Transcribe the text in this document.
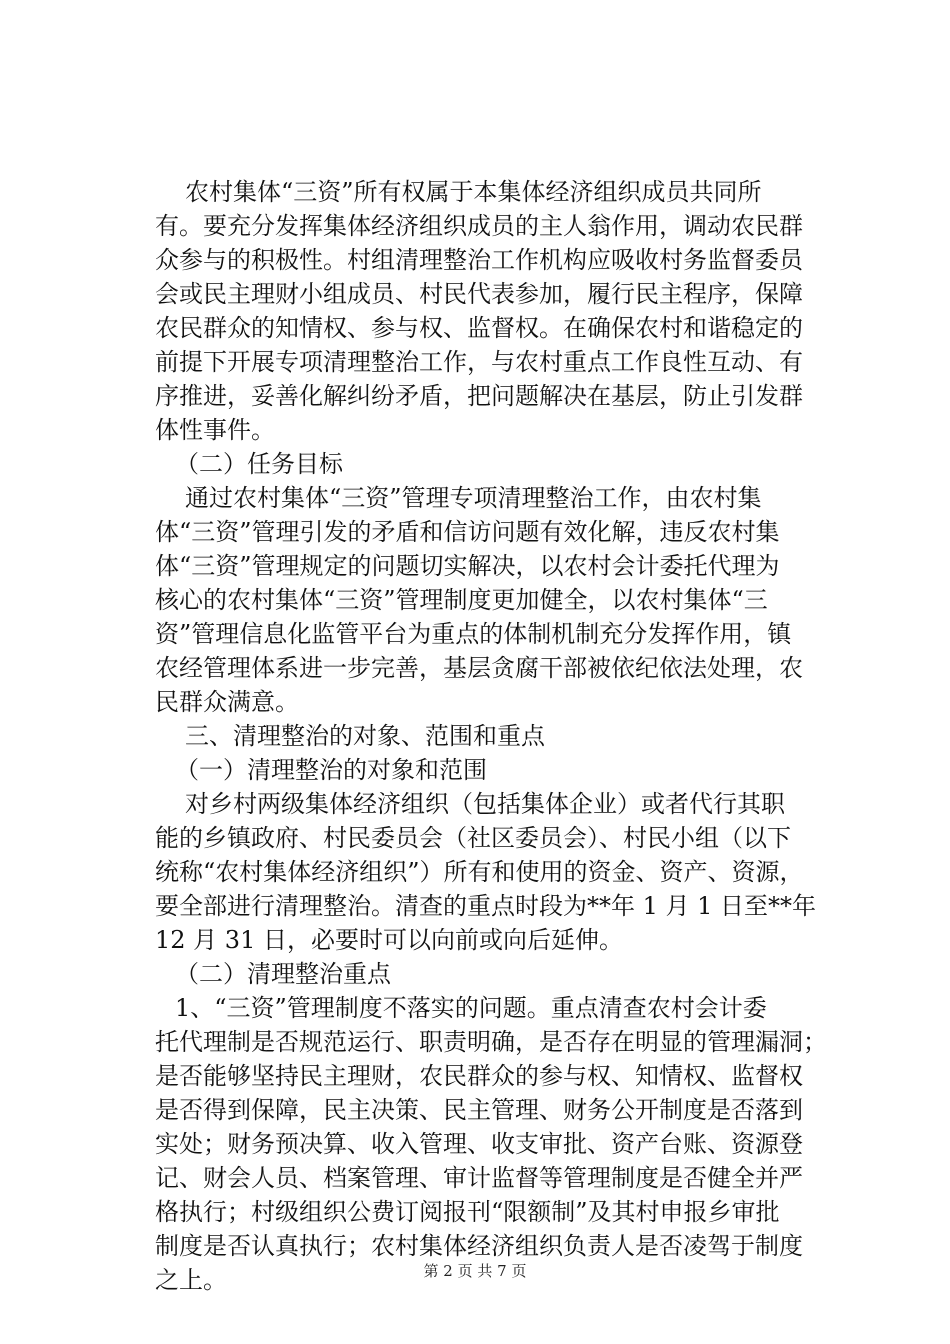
农村集体“三资”所有权属于本集体经济组织成员共同所
有。要充分发挥集体经济组织成员的主人翁作用，调动农民群
众参与的积极性。村组清理整治工作机构应吸收村务监督委员
会或民主理财小组成员、村民代表参加，履行民主程序，保障
农民群众的知情权、参与权、监督权。在确保农村和谐稳定的
前提下开展专项清理整治工作，与农村重点工作良性互动、有
序推进，妥善化解纠纷矛盾，把问题解决在基层，防止引发群
体性事件。
（二）任务目标
通过农村集体“三资”管理专项清理整治工作，由农村集
体“三资”管理引发的矛盾和信访问题有效化解，违反农村集
体“三资”管理规定的问题切实解决，以农村会计委托代理为
核心的农村集体“三资”管理制度更加健全，以农村集体“三
资”管理信息化监管平台为重点的体制机制充分发挥作用，镇
农经管理体系进一步完善，基层贪腐干部被依纪依法处理，农
民群众满意。
三、清理整治的对象、范围和重点
（一）清理整治的对象和范围
对乡村两级集体经济组织（包括集体企业）或者代行其职
能的乡镇政府、村民委员会（社区委员会）、村民小组（以下
统称“农村集体经济组织”）所有和使用的资金、资产、资源，
要全部进行清理整治。清查的重点时段为**年 1 月 1 日至**年
12 月 31 日，必要时可以向前或向后延伸。
（二）清理整治重点
1、“三资”管理制度不落实的问题。重点清查农村会计委
托代理制是否规范运行、职责明确，是否存在明显的管理漏洞；
是否能够坚持民主理财，农民群众的参与权、知情权、监督权
是否得到保障，民主决策、民主管理、财务公开制度是否落到
实处；财务预决算、收入管理、收支审批、资产台账、资源登
记、财会人员、档案管理、审计监督等管理制度是否健全并严
格执行；村级组织公费订阅报刊“限额制”及其村申报乡审批
制度是否认真执行；农村集体经济组织负责人是否凌驾于制度
之上。	第 2 页 共 7 页
